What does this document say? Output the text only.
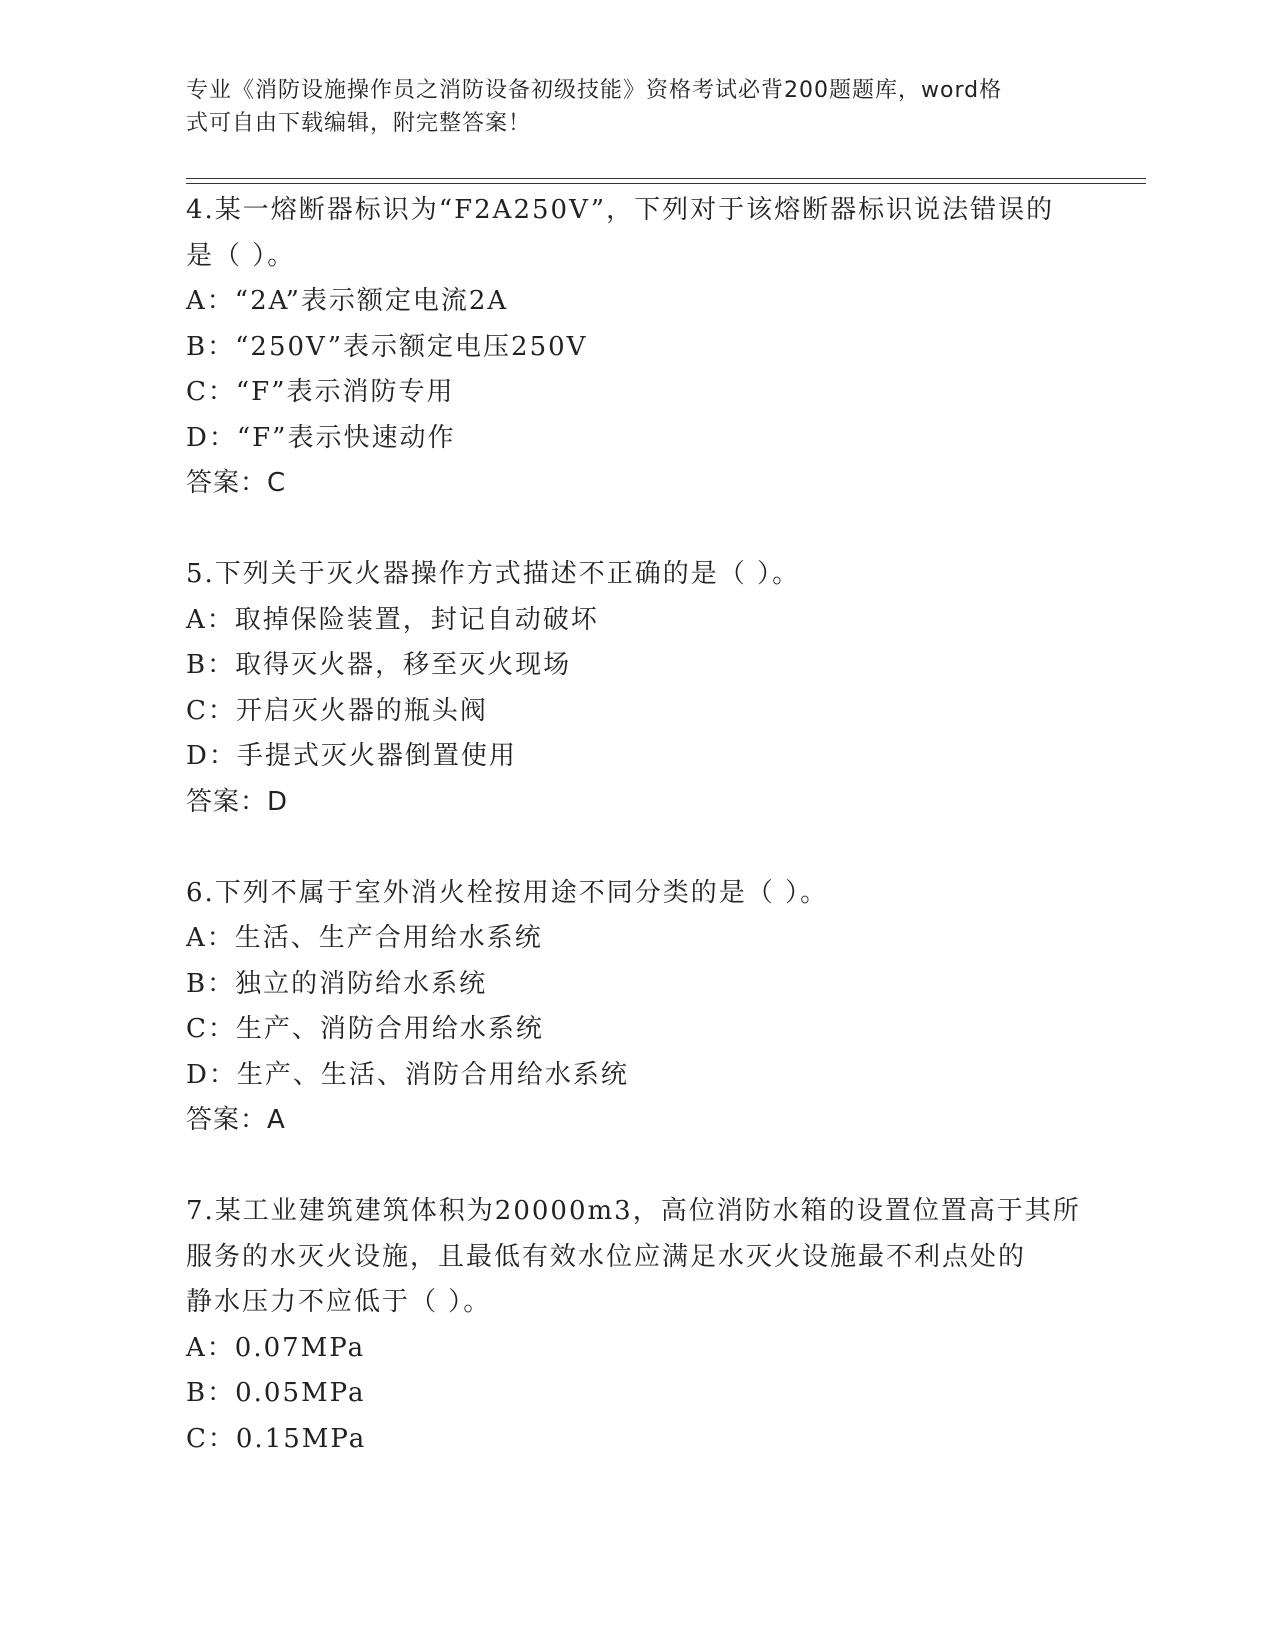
专业《消防设施操作员之消防设备初级技能》资格考试必背200题题库，word格
式可自由下载编辑，附完整答案！
4.某一熔断器标识为“F2A250V”，下列对于该熔断器标识说法错误的
是（ ）。
A：“2A”表示额定电流2A
B：“250V”表示额定电压250V
C：“F”表示消防专用
D：“F”表示快速动作
答案：C
5.下列关于灭火器操作方式描述不正确的是（ ）。
A：取掉保险装置，封记自动破坏
B：取得灭火器，移至灭火现场
C：开启灭火器的瓶头阀
D：手提式灭火器倒置使用
答案：D
6.下列不属于室外消火栓按用途不同分类的是（ ）。
A：生活、生产合用给水系统
B：独立的消防给水系统
C：生产、消防合用给水系统
D：生产、生活、消防合用给水系统
答案：A
7.某工业建筑建筑体积为20000m3，高位消防水箱的设置位置高于其所
服务的水灭火设施，且最低有效水位应满足水灭火设施最不利点处的
静水压力不应低于（ ）。
A：0.07MPa
B：0.05MPa
C：0.15MPa
